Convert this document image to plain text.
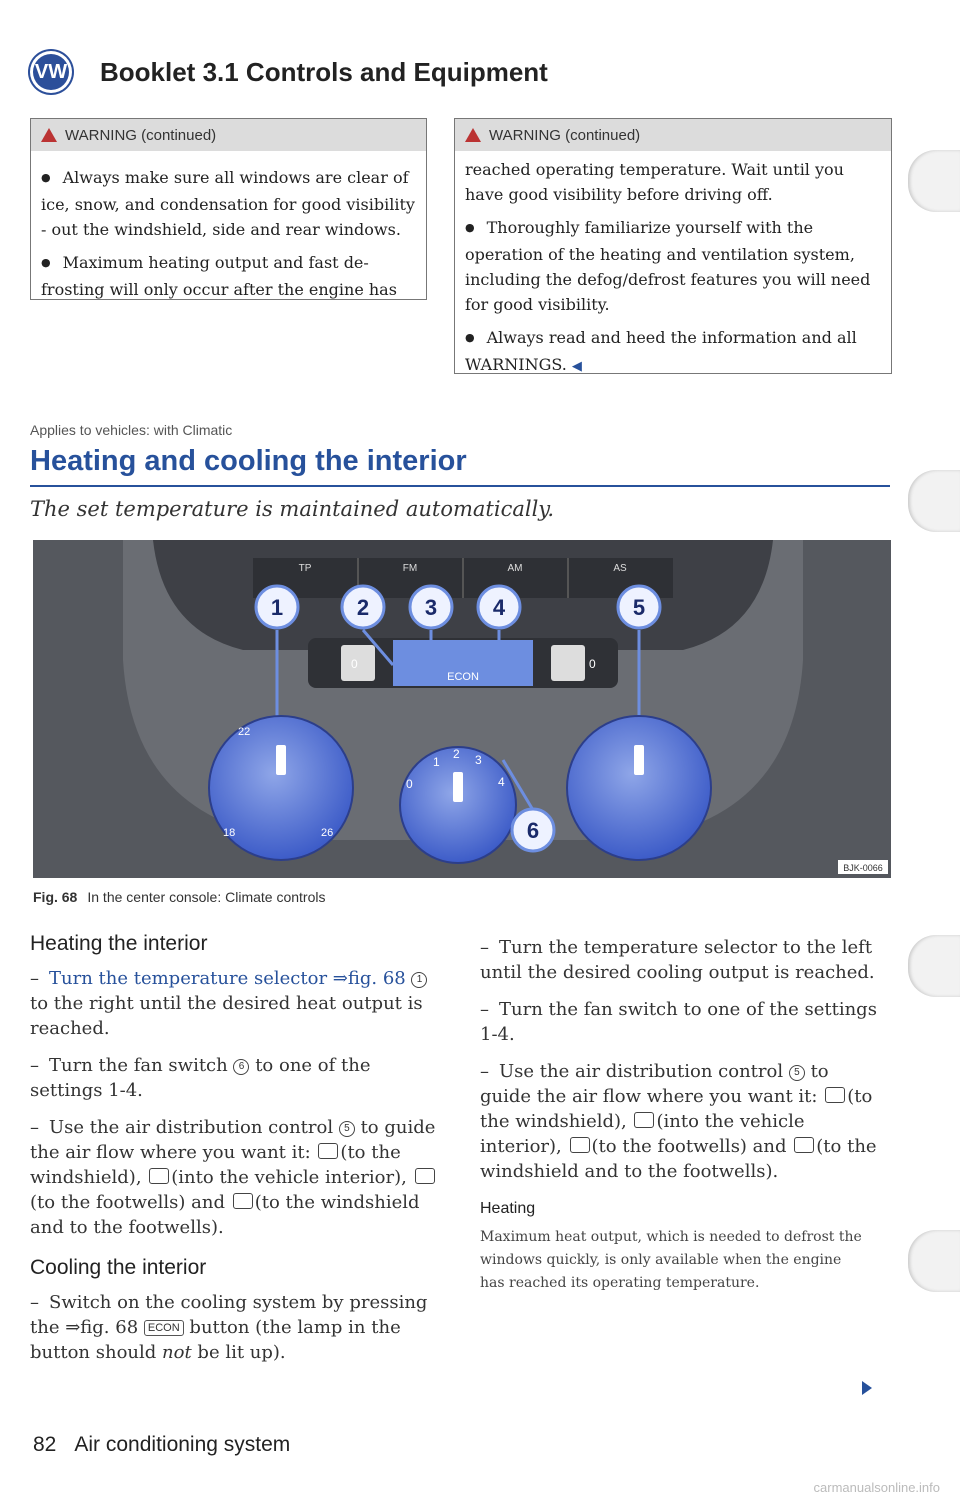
VW Booklet 3.1 Controls and Equipment
WARNING (continued)

● Always make sure all windows are clear of ice, snow, and condensation for good visibility - out the windshield, side and rear windows.

● Maximum heating output and fast de-frosting will only occur after the engine has

WARNING (continued)

reached operating temperature. Wait until you have good visibility before driving off.

● Thoroughly familiarize yourself with the operation of the heating and ventilation system, including the defog/defrost features you will need for good visibility.

● Always read and heed the information and all WARNINGS. ◀

Applies to vehicles: with Climatic
Heating and cooling the interior
The set temperature is maintained automatically.
TP	FM	AM	AS
0	0
ECON
22
18	26
0
1
2 3
4
1	2	3	4	5
6
BJK-0066
Fig. 68 In the center console: Climate controls
Heating the interior
– Turn the temperature selector ⇒fig. 68 1 to the right until the desired heat output is reached.
– Turn the fan switch 6 to one of the settings 1-4.
– Use the air distribution control 5 to guide the air flow where you want it: (to the windshield), (into the vehicle interior), (to the footwells) and (to the windshield and to the footwells).
Cooling the interior
– Switch on the cooling system by pressing the ⇒fig. 68 ECON button (the lamp in the button should not be lit up).
– Turn the temperature selector to the left until the desired cooling output is reached.
– Turn the fan switch to one of the settings 1-4.
– Use the air distribution control 5 to guide the air flow where you want it: (to the windshield), (into the vehicle interior), (to the footwells) and (to the windshield and to the footwells).
Heating
Maximum heat output, which is needed to defrost the windows quickly, is only available when the engine has reached its operating temperature.
82 Air conditioning system
carmanualsonline.info
